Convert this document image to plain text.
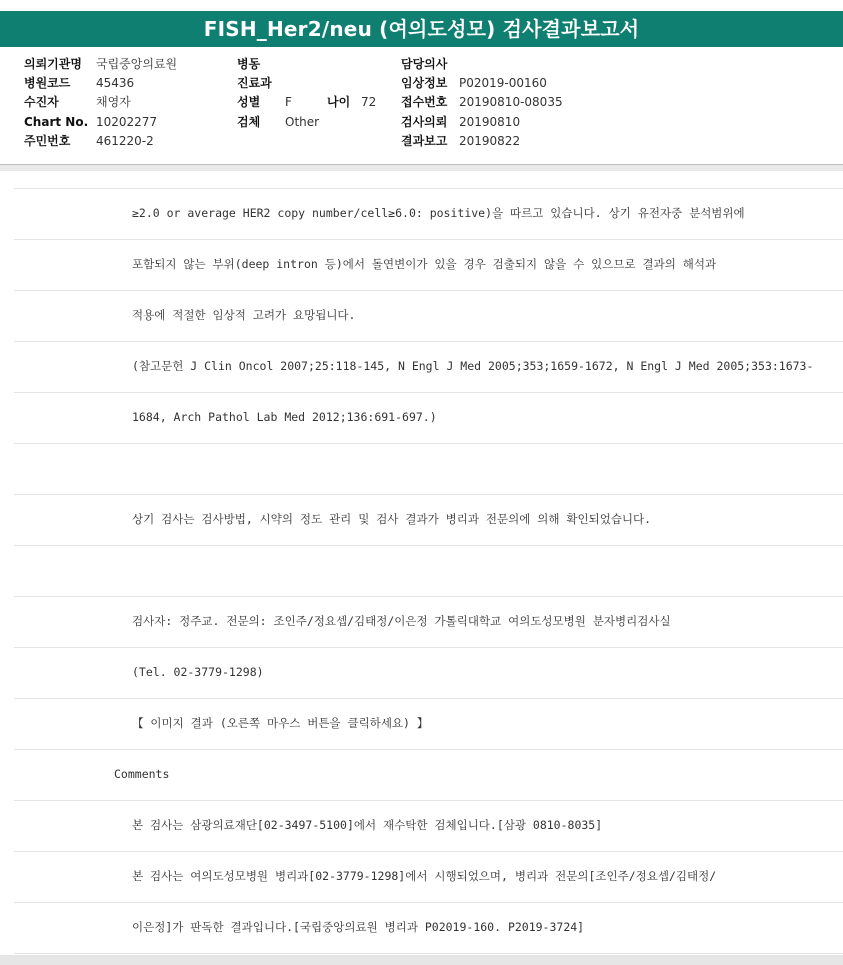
FISH_Her2/neu (여의도성모) 검사결과보고서
의뢰기관명 국립중앙의료원
병원코드 45436
수진자	채영자
Chart No. 10202277
주민번호 461220-2
병동
진료과
성별 F	나이 72
검체 Other
담당의사
임상정보 P02019-00160
접수번호 20190810-08035
검사의뢰 20190810
결과보고 20190822
≥2.0 or average HER2 copy number/cell≥6.0: positive)을 따르고 있습니다. 상기 유전자중 분석범위에
포함되지 않는 부위(deep intron 등)에서 돌연변이가 있을 경우 검출되지 않을 수 있으므로 결과의 해석과
적용에 적절한 임상적 고려가 요망됩니다.
(참고문헌 J Clin Oncol 2007;25:118-145, N Engl J Med 2005;353;1659-1672, N Engl J Med 2005;353:1673-
1684, Arch Pathol Lab Med 2012;136:691-697.)
상기 검사는 검사방법, 시약의 정도 관리 및 검사 결과가 병리과 전문의에 의해 확인되었습니다.
검사자: 정주교. 전문의: 조인주/정요셉/김태정/이은정 가톨릭대학교 여의도성모병원 분자병리검사실
(Tel. 02-3779-1298)
【 이미지 결과 (오른쪽 마우스 버튼을 클릭하세요) 】
Comments
본 검사는 삼광의료재단[02-3497-5100]에서 재수탁한 검체입니다.[삼광 0810-8035]
본 검사는 여의도성모병원 병리과[02-3779-1298]에서 시행되었으며, 병리과 전문의[조인주/정요셉/김태정/
이은정]가 판독한 결과입니다.[국립중앙의료원 병리과 P02019-160. P2019-3724]
